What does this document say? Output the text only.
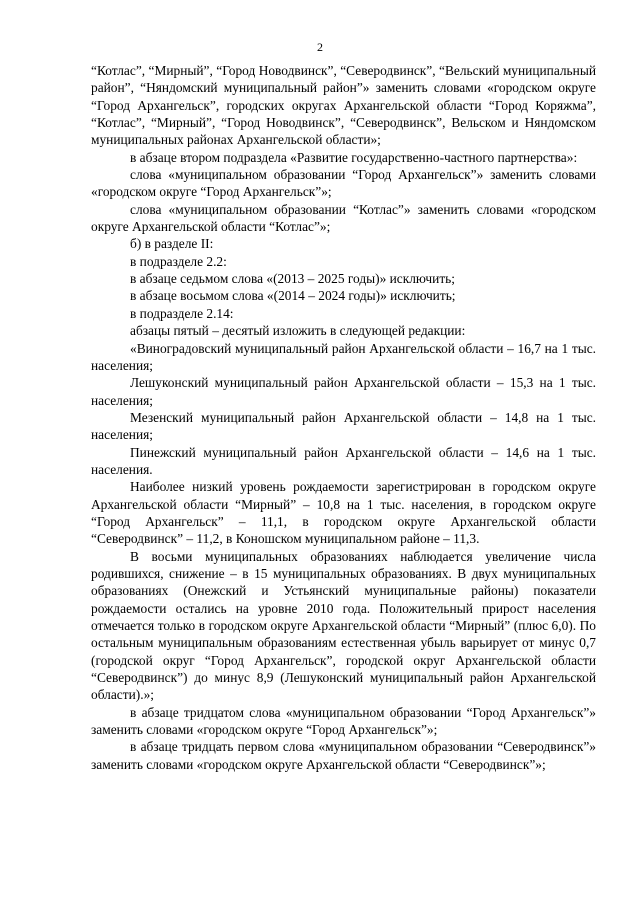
2

“Котлас”, “Мирный”, “Город Новодвинск”, “Северодвинск”, “Вельский муниципальный район”, “Няндомский муниципальный район”» заменить словами «городском округе “Город Архангельск”, городских округах Архангельской области “Город Коряжма”, “Котлас”, “Мирный”, “Город Новодвинск”, “Северодвинск”, Вельском и Няндомском муниципальных районах Архангельской области»;

в абзаце втором подраздела «Развитие государственно-частного партнерства»:

слова «муниципальном образовании “Город Архангельск”» заменить словами «городском округе “Город Архангельск”»;

слова «муниципальном образовании “Котлас”» заменить словами «городском округе Архангельской области “Котлас”»;

б) в разделе II:

в подразделе 2.2:

в абзаце седьмом слова «(2013 – 2025 годы)» исключить;

в абзаце восьмом слова «(2014 – 2024 годы)» исключить;

в подразделе 2.14:

абзацы пятый – десятый изложить в следующей редакции:

«Виноградовский муниципальный район Архангельской области – 16,7 на 1 тыс. населения;

Лешуконский муниципальный район Архангельской области – 15,3 на 1 тыс. населения;

Мезенский муниципальный район Архангельской области – 14,8 на 1 тыс. населения;

Пинежский муниципальный район Архангельской области – 14,6 на 1 тыс. населения.

Наиболее низкий уровень рождаемости зарегистрирован в городском округе Архангельской области “Мирный” – 10,8 на 1 тыс. населения, в городском округе “Город Архангельск” – 11,1, в городском округе Архангельской области “Северодвинск” – 11,2, в Коношском муниципальном районе – 11,3.

В восьми муниципальных образованиях наблюдается увеличение числа родившихся, снижение – в 15 муниципальных образованиях. В двух муниципальных образованиях (Онежский и Устьянский муниципальные районы) показатели рождаемости остались на уровне 2010 года. Положительный прирост населения отмечается только в городском округе Архангельской области “Мирный” (плюс 6,0). По остальным муниципальным образованиям естественная убыль варьирует от минус 0,7 (городской округ “Город Архангельск”, городской округ Архангельской области “Северодвинск”) до минус 8,9 (Лешуконский муниципальный район Архангельской области).»;

в абзаце тридцатом слова «муниципальном образовании “Город Архангельск”» заменить словами «городском округе “Город Архангельск”»;

в абзаце тридцать первом слова «муниципальном образовании “Северодвинск”» заменить словами «городском округе Архангельской области “Северодвинск”»;
